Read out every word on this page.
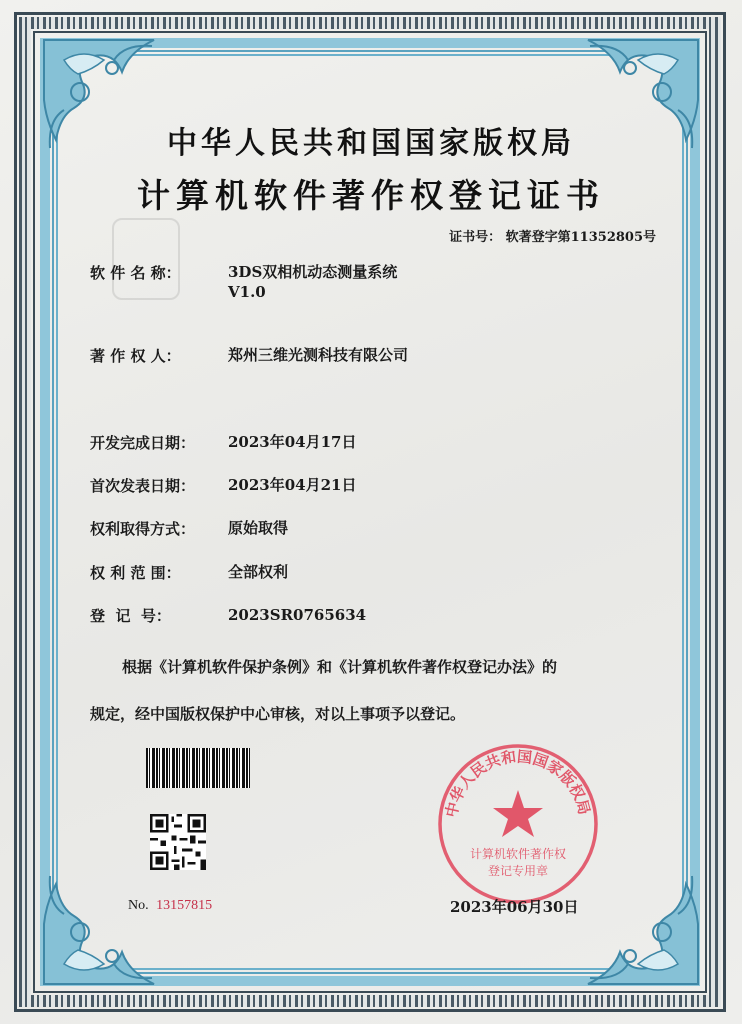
中华人民共和国国家版权局
计算机软件著作权登记证书
证书号： 软著登字第11352805号
软 件 名 称：	3DS双相机动态测量系统
V1.0
著 作 权 人：	郑州三维光测科技有限公司
开发完成日期：	2023年04月17日
首次发表日期：	2023年04月21日
权利取得方式：	原始取得
权 利 范 围：	全部权利
登  记  号：	2023SR0765634
根据《计算机软件保护条例》和《计算机软件著作权登记办法》的
规定，经中国版权保护中心审核，对以上事项予以登记。
No. 13157815
中华人民共和国国家版权局
计算机软件著作权
登记专用章
2023年06月30日
